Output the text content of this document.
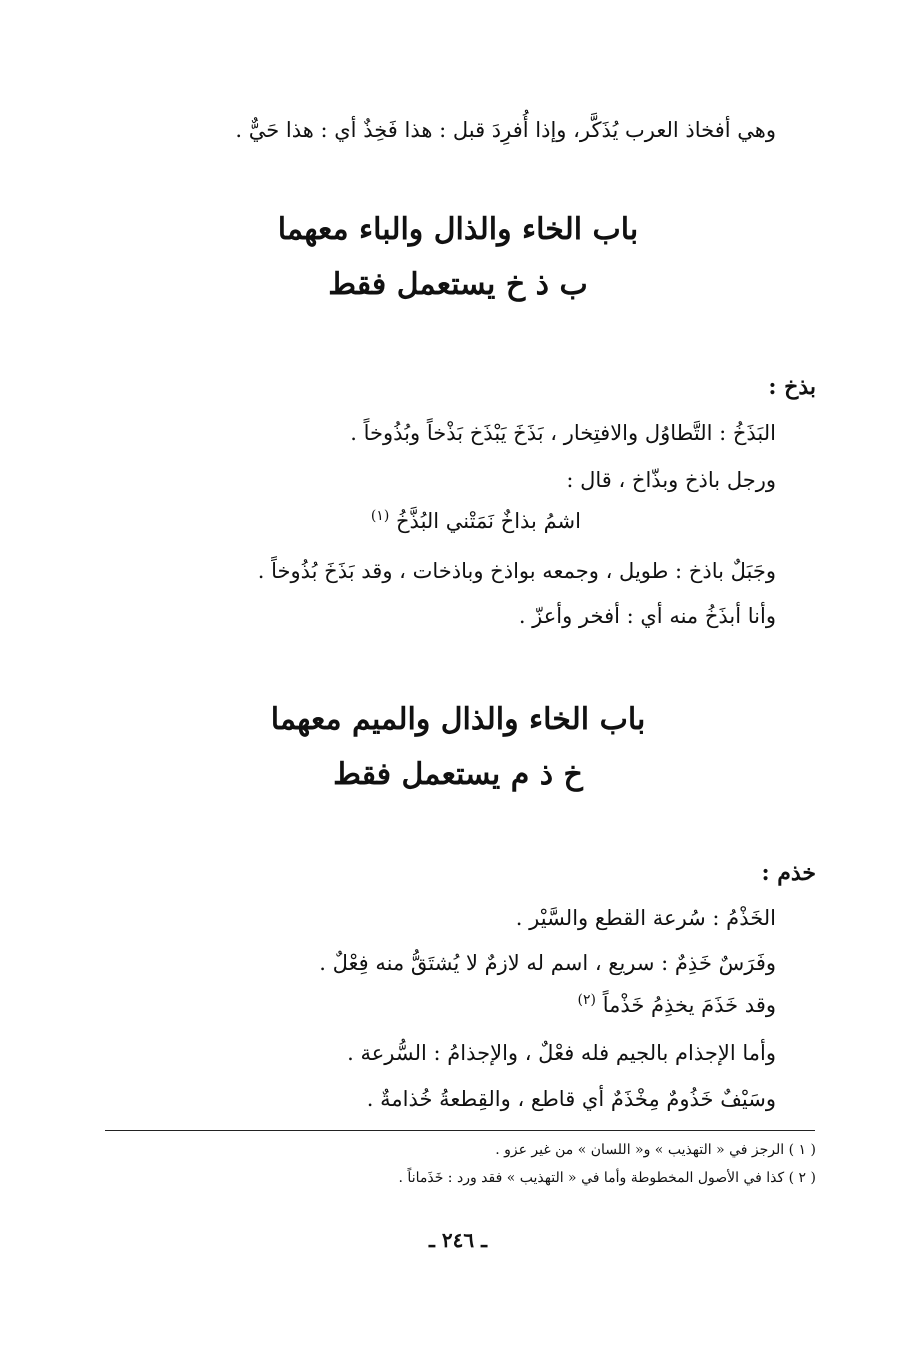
وهي أفخاذ العرب يُذَكَّر، وإذا أُفرِدَ قبل : هذا فَخِذٌ أي : هذا حَيٌّ .
باب الخاء والذال والباء معهما
ب ذ خ يستعمل فقط
بذخ :
البَذَخُ : التَّطاوُل والافتِخار ، بَذَخَ يَبْذَخ بَذْخاً وبُذُوخاً .
ورجل باذخ وبذّاخ ، قال :
اشمُ بذاخٌ نَمَتْني البُذَّخُ $^{(١)}$
وجَبَلٌ باذخ : طويل ، وجمعه بواذخ وباذخات ، وقد بَذَخَ بُذُوخاً .
وأنا أبذَخُ منه أي : أفخر وأعزّ .
باب الخاء والذال والميم معهما
خ ذ م يستعمل فقط
خذم :
الخَذْمُ : سُرعة القطع والسَّيْر .
وفَرَسٌ خَذِمٌ : سريع ، اسم له لازمٌ لا يُشتَقُّ منه فِعْلٌ .
وقد خَذَمَ يخذِمُ خَذْماً $^{(٢)}$
وأما الإجذام بالجيم فله فعْلٌ ، والإجذامُ : السُّرعة .
وسَيْفٌ خَذُومٌ مِخْذَمٌ أي قاطع ، والقِطعةُ خُذامةٌ .
( ١ ) الرجز في « التهذيب » و« اللسان » من غير عزو .
( ٢ ) كذا في الأصول المخطوطة وأما في « التهذيب » فقد ورد : خَذَماناً .
ـ ٢٤٦ ـ
